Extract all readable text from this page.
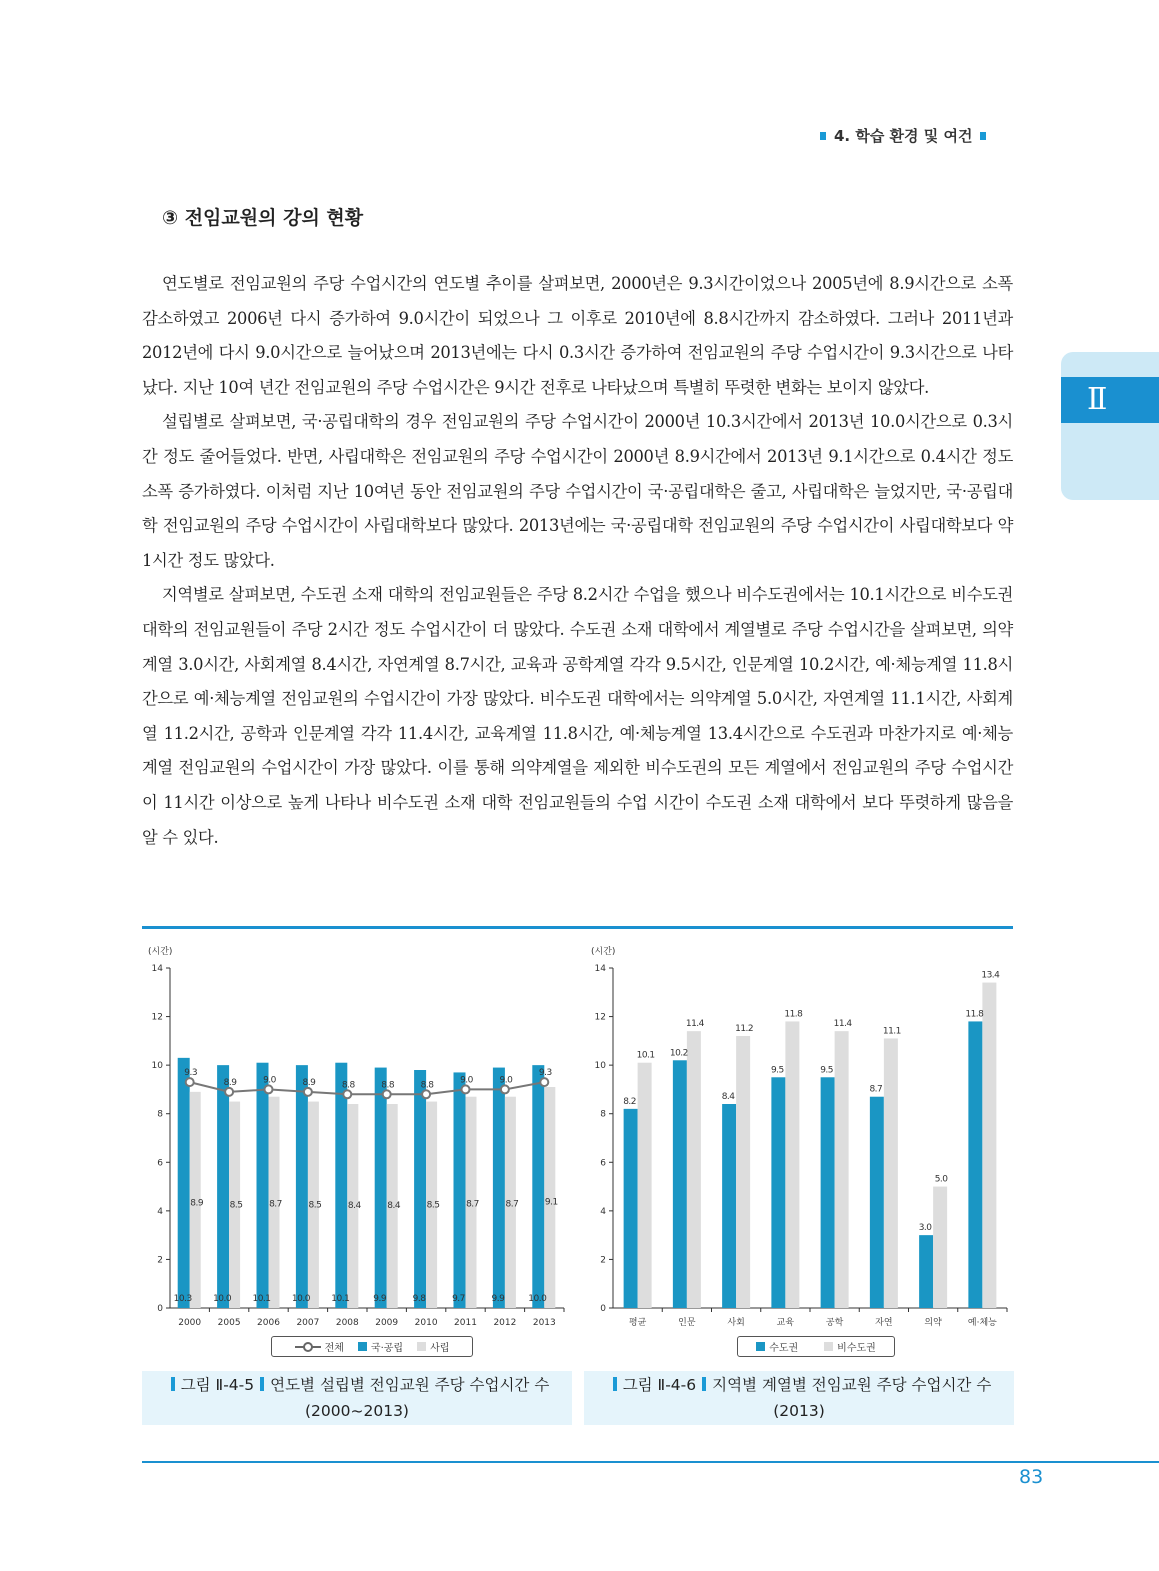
4. 학습 환경 및 여건
Ⅱ
③ 전임교원의 강의 현황

연도별로 전임교원의 주당 수업시간의 연도별 추이를 살펴보면, 2000년은 9.3시간이었으나 2005년에 8.9시간으로 소폭 감소하였고 2006년 다시 증가하여 9.0시간이 되었으나 그 이후로 2010년에 8.8시간까지 감소하였다. 그러나 2011년과 2012년에 다시 9.0시간으로 늘어났으며 2013년에는 다시 0.3시간 증가하여 전임교원의 주당 수업시간이 9.3시간으로 나타났다. 지난 10여 년간 전임교원의 주당 수업시간은 9시간 전후로 나타났으며 특별히 뚜렷한 변화는 보이지 않았다.

설립별로 살펴보면, 국·공립대학의 경우 전임교원의 주당 수업시간이 2000년 10.3시간에서 2013년 10.0시간으로 0.3시간 정도 줄어들었다. 반면, 사립대학은 전임교원의 주당 수업시간이 2000년 8.9시간에서 2013년 9.1시간으로 0.4시간 정도 소폭 증가하였다. 이처럼 지난 10여년 동안 전임교원의 주당 수업시간이 국·공립대학은 줄고, 사립대학은 늘었지만, 국·공립대학 전임교원의 주당 수업시간이 사립대학보다 많았다. 2013년에는 국·공립대학 전임교원의 주당 수업시간이 사립대학보다 약 1시간 정도 많았다.

지역별로 살펴보면, 수도권 소재 대학의 전임교원들은 주당 8.2시간 수업을 했으나 비수도권에서는 10.1시간으로 비수도권 대학의 전임교원들이 주당 2시간 정도 수업시간이 더 많았다. 수도권 소재 대학에서 계열별로 주당 수업시간을 살펴보면, 의약계열 3.0시간, 사회계열 8.4시간, 자연계열 8.7시간, 교육과 공학계열 각각 9.5시간, 인문계열 10.2시간, 예·체능계열 11.8시간으로 예·체능계열 전임교원의 수업시간이 가장 많았다. 비수도권 대학에서는 의약계열 5.0시간, 자연계열 11.1시간, 사회계열 11.2시간, 공학과 인문계열 각각 11.4시간, 교육계열 11.8시간, 예·체능계열 13.4시간으로 수도권과 마찬가지로 예·체능계열 전임교원의 수업시간이 가장 많았다. 이를 통해 의약계열을 제외한 비수도권의 모든 계열에서 전임교원의 주당 수업시간이 11시간 이상으로 높게 나타나 비수도권 소재 대학 전임교원들의 수업 시간이 수도권 소재 대학에서 보다 뚜렷하게 많음을 알 수 있다.

(시간)
0
2
4
6
8
10
12
14
10.3
8.9
2000
10.0
8.5
2005
10.1
8.7
2006
10.0
8.5
2007
10.1
8.4
2008
9.9
8.4
2009
9.8
8.5
2010
9.7
8.7
2011
9.9
8.7
2012
10.0
9.1
2013
9.3
8.9	9.0	8.9	8.8	8.8	8.8	9.0	9.0
9.3
(시간)
0
2
4
6
8
10
12
14
8.2
10.1
평균
10.2
11.4
인문
8.4
11.2
사회
9.5
11.8
교육
9.5
11.4
공학
8.7
11.1
자연
3.0
5.0
의약
11.8
13.4
예·체능
전체	국·공립	사립	수도권	비수도권
그림 Ⅱ-4-5 연도별 설립별 전임교원 주당 수업시간 수
(2000~2013)
그림 Ⅱ-4-6 지역별 계열별 전임교원 주당 수업시간 수
(2013)
83
